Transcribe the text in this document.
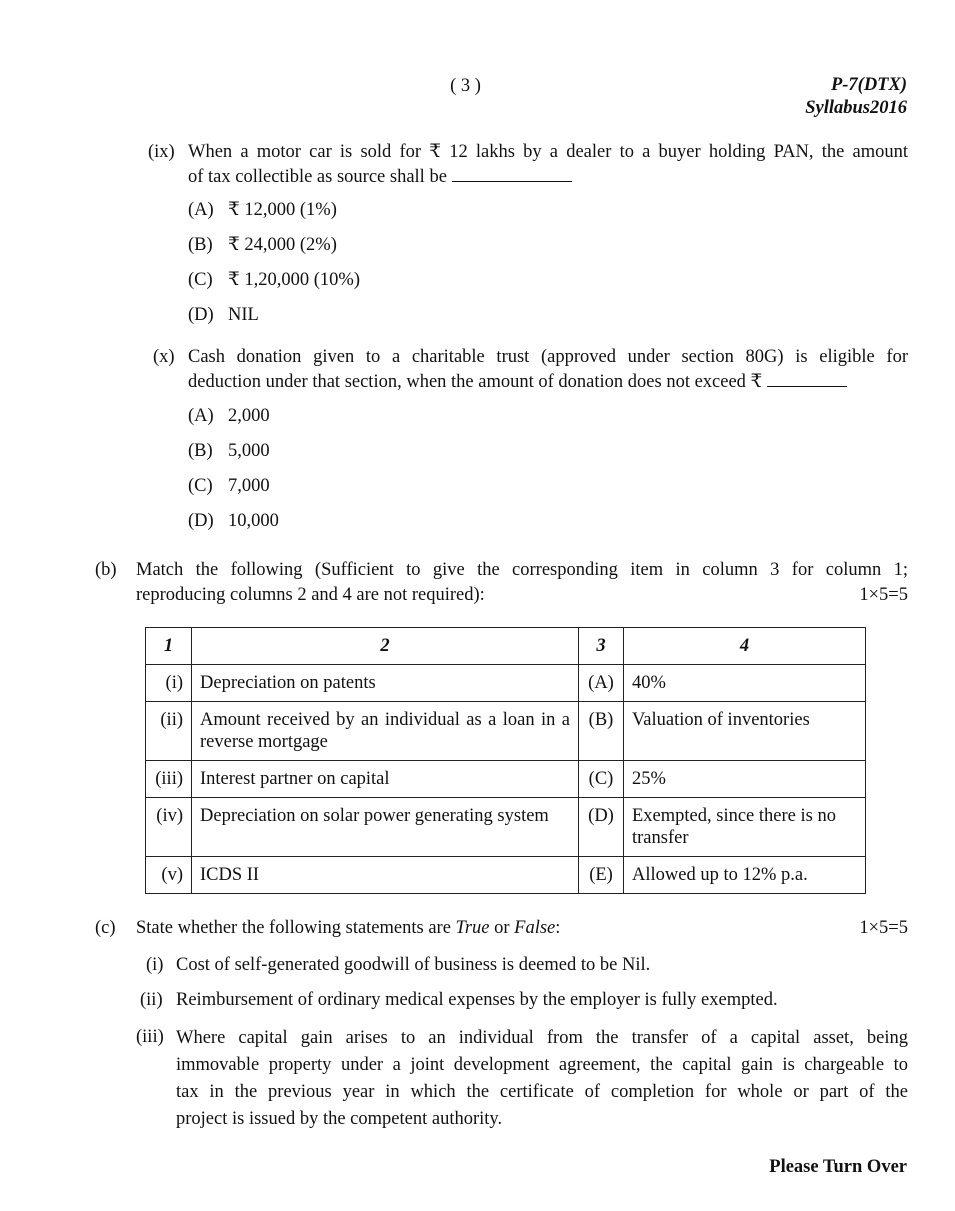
( 3 )	P-7(DTX)
Syllabus2016
(ix) When a motor car is sold for ₹ 12 lakhs by a dealer to a buyer holding PAN, the amount
of tax collectible as source shall be
(A) ₹ 12,000 (1%)
(B) ₹ 24,000 (2%)
(C) ₹ 1,20,000 (10%)
(D) NIL
(x) Cash donation given to a charitable trust (approved under section 80G) is eligible for
deduction under that section, when the amount of donation does not exceed ₹
(A) 2,000
(B) 5,000
(C) 7,000
(D) 10,000
(b) Match the following (Sufficient to give the corresponding item in column 3 for column 1;
reproducing columns 2 and 4 are not required):	1×5=5
1	2	3	4
(i)	Depreciation on patents	(A)	40%
(ii)	Amount received by an individual as a loan in a reverse mortgage	(B)	Valuation of inventories
(iii)	Interest partner on capital	(C)	25%
(iv)	Depreciation on solar power generating system	(D)	Exempted, since there is no transfer
(v)	ICDS II	(E)	Allowed up to 12% p.a.
(c) State whether the following statements are True or False:	1×5=5
(i) Cost of self-generated goodwill of business is deemed to be Nil.
(ii) Reimbursement of ordinary medical expenses by the employer is fully exempted.
(iii) Where capital gain arises to an individual from the transfer of a capital asset, being
immovable property under a joint development agreement, the capital gain is chargeable to
tax in the previous year in which the certificate of completion for whole or part of the
project is issued by the competent authority.
Please Turn Over
